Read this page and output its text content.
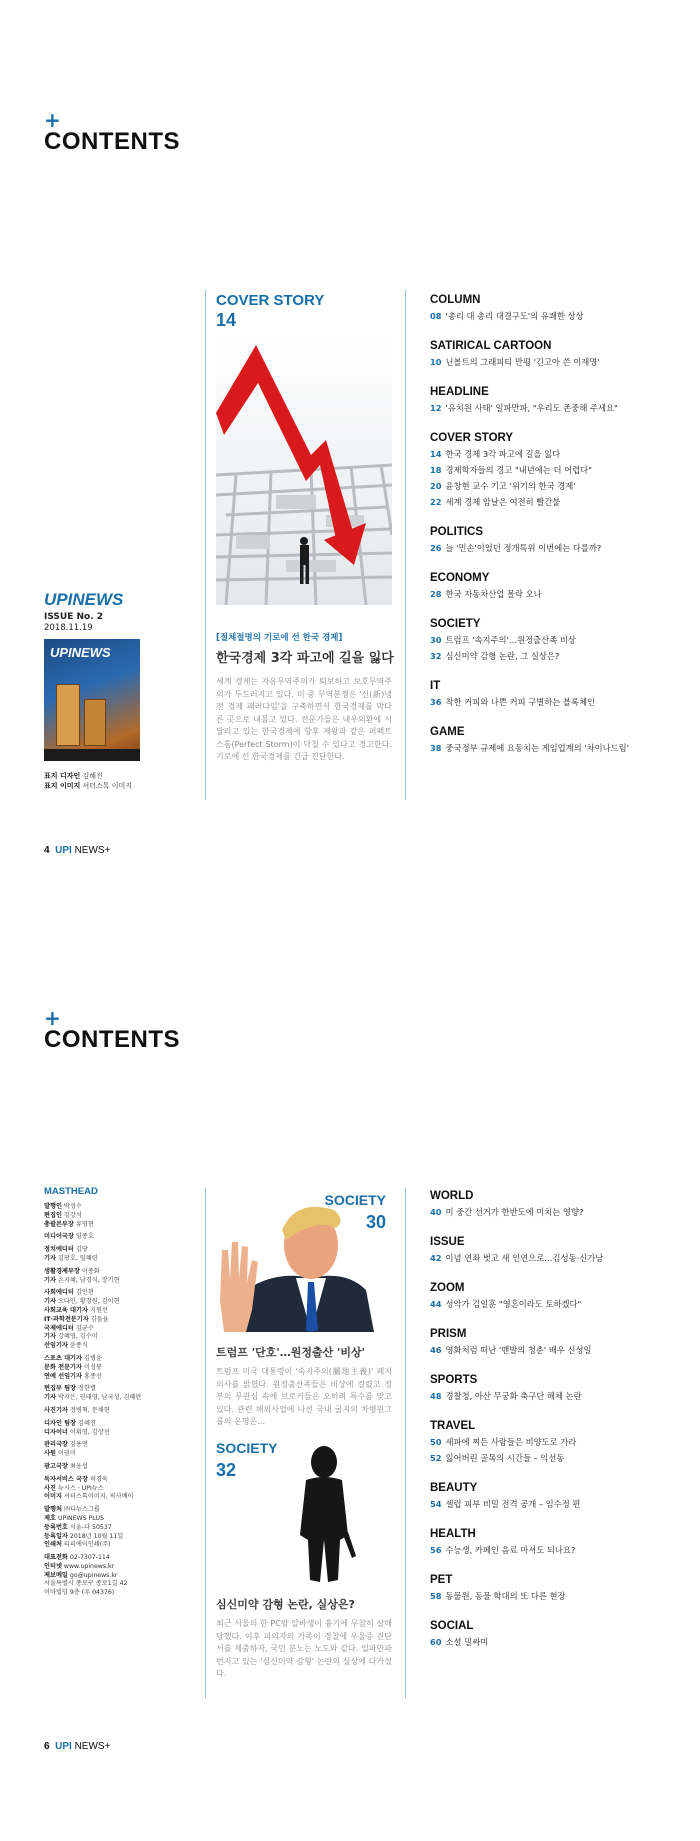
+
CONTENTS
UPINEWS
ISSUE No. 2
2018.11.19
UPINEWS
표지 디자인 김혜진
표지 이미지 셔터스톡 이미지
COVER STORY
14
[절체절명의 기로에 선 한국 경제]
한국경제 3각 파고에 길을 잃다
세계 경제는 자유무역주의가 퇴보하고 보호무역주의가 두드러지고 있다. 미·중 무역분쟁은 '신(新)냉전 경제 패러다임'을 구축하면서 한국경제를 막다른 곳으로 내몰고 있다. 전문가들은 내우외환에 시달리고 있는 한국경제에 향후 제왕과 같은 퍼펙트 스톰(Perfect Storm)이 닥칠 수 있다고 경고한다. 기로에 선 한국경제를 긴급 진단한다.
COLUMN
08 '총리 대 총리 대결구도'의 유쾌한 상상
SATIRICAL CARTOON
10 닌볼트의 그래피티 만평 '긴고아 쓴 이재명'
HEADLINE
12 '유치원 사태' 일파만파, "우리도 존중해 주세요"
COVER STORY
14 한국 경제 3각 파고에 길을 잃다
18 경제학자들의 경고 "내년에는 더 어렵다"
20 윤창현 교수 기고 '위기의 한국 경제'
22 세계 경제 암날은 여전히 빨간불
POLITICS
26 늘 '민손'이었던 정개특위 이번에는 다를까?
ECONOMY
28 한국 자동차산업 몰락 오나
SOCIETY
30 트럼프 '속지주의'…원정출산족 비상
32 심신미약 감형 논란, 그 실상은?
IT
36 착한 커피와 나쁜 커피 구별하는 블록체인
GAME
38 중국정부 규제에 요동치는 게임업계의 '차이나드림'
4 UPI NEWS+
+
CONTENTS
MASTHEAD
발행인 박성수
편집인 김강석
총괄본부장 류영현
미디어국장 임종호
정치에디터 김당
기자 김광호, 임혜련
생활경제부장 이종화
기자 손지혜, 남경식, 장기현
사회에디터 김인현
기자 오다인, 황정원, 김이현
사회교육 대기자 지원선
IT·과학전문기자 김들율
국제에디터 김균수
기자 강혜영, 김수이
선임기자 윤종식
스포츠 대기자 김병윤
문화 전문기자 이성봉
연예 선임기자 홍종선
편집부 팀장 정한별
기자 박지은, 권태영, 남국성, 김혜란
사진기자 정병혁, 문채현
디자인 팀장 김혜진
디자이너 이휘영, 김상선
관리국장 김용연
사원 이권미
광고국장 최웅섭
독자서비스 국장 허경욱
사진 뉴시스 · UPI뉴스
이미지 셔터스톡이미지, 픽사베이
발행처 ㈜디뉴스그룹
제호 UPINEWS PLUS
등록번호 서울-다 50537
등록일자 2018년 10월 11일
인쇄처 티피에이인쇄(주)
대표전화 02-7307-114
인터넷 www.upinews.kr
제보메일 go@upinews.kr
서울특별시 종로구 종로1길 42
이마빌딩 9층 (우 04376)
SOCIETY
30
트럼프 '단호'…원정출산 '비상'
트럼프 미국 대통령이 '속지주의(屬地主義)' 폐지 의사를 밝혔다. 원정출산족들은 비상에 걸렸고 정부의 무관심 속에 브로커들은 오히려 특수를 맞고 있다. 관련 해외사업에 나선 국내 굴지의 차병원그룹의 운명은…
SOCIETY
32
심신미약 감형 논란, 실상은?
최근 서울의 한 PC방 알바생이 흉기에 무참히 살해당했다. 이후 피의자의 가족이 경찰에 우울증 진단서를 제출하자, 국민 분노는 노도와 같다. 일파만파 번지고 있는 '심신미약 감형' 논란의 실상에 다가섰다.
WORLD
40 미 중간 선거가 한반도에 미치는 영향?
ISSUE
42 이념 연좌 벗고 새 인연으로…김성동·신가남
ZOOM
44 성악가 김일훈 "영혼이라도 토하겠다"
PRISM
46 영화처럼 떠난 '맨발의 청춘' 배우 신성일
SPORTS
48 경찰청, 아산 무궁화 축구단 해체 논란
TRAVEL
50 세파에 찌든 사람들은 비양도로 가라
52 잃어버린 골목의 시간들 – 익선동
BEAUTY
54 셀럽 피부 비밀 전격 공개 – 임수정 편
HEALTH
56 수능생, 카페인 음료 마셔도 되나요?
PET
58 동물원, 동물 학대의 또 다른 현장
SOCIAL
60 소셜 밀싸미
6 UPI NEWS+
